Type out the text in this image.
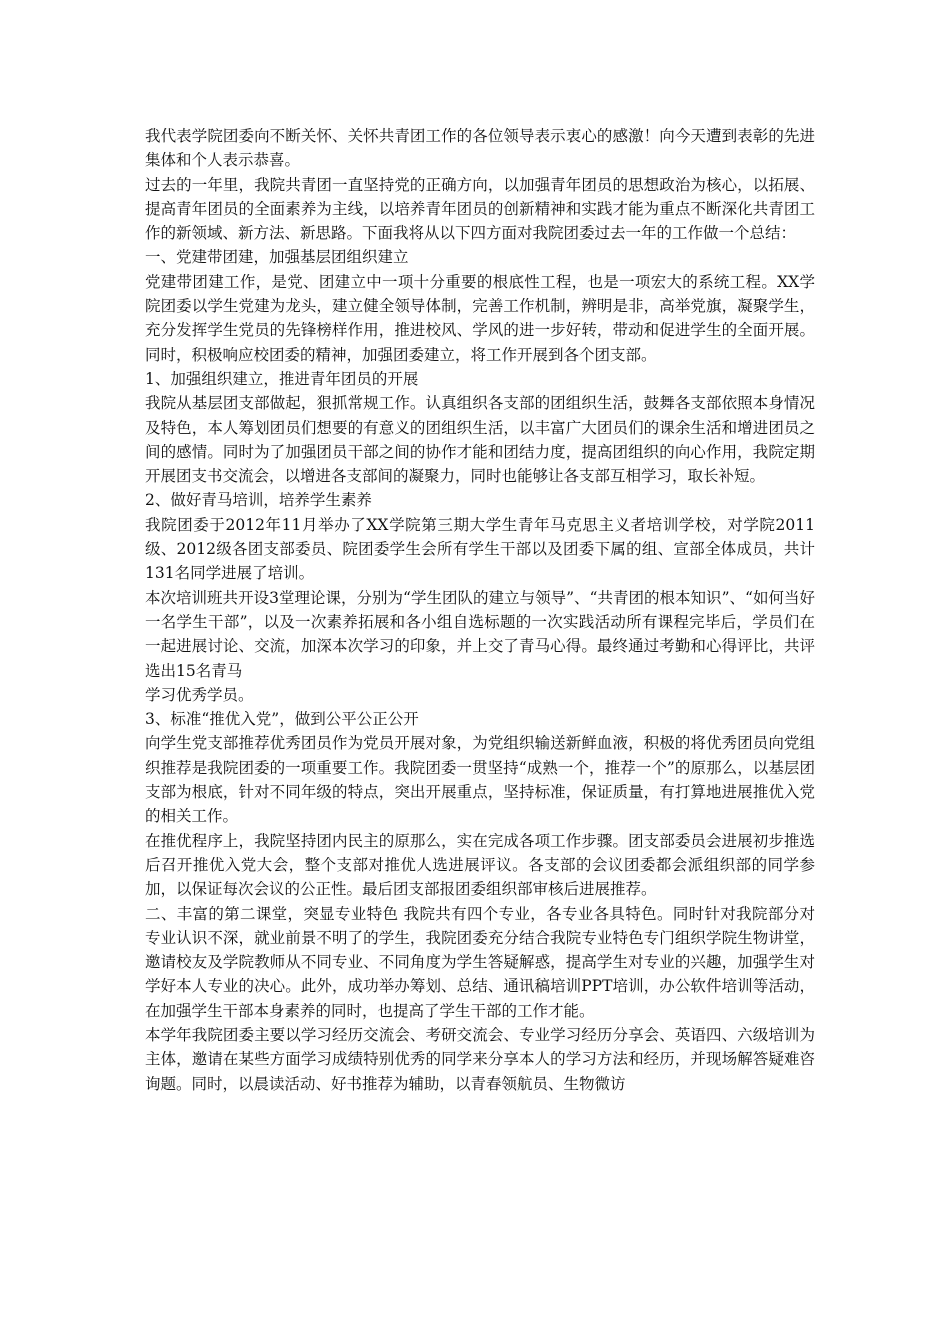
我代表学院团委向不断关怀、关怀共青团工作的各位领导表示衷心的感激！向今天遭到表彰的先进集体和个人表示恭喜。

过去的一年里，我院共青团一直坚持党的正确方向，以加强青年团员的思想政治为核心，以拓展、提高青年团员的全面素养为主线，以培养青年团员的创新精神和实践才能为重点不断深化共青团工作的新领域、新方法、新思路。下面我将从以下四方面对我院团委过去一年的工作做一个总结：

一、党建带团建，加强基层团组织建立

党建带团建工作，是党、团建立中一项十分重要的根底性工程，也是一项宏大的系统工程。XX学院团委以学生党建为龙头，建立健全领导体制，完善工作机制，辨明是非，高举党旗，凝聚学生，充分发挥学生党员的先锋榜样作用，推进校风、学风的进一步好转，带动和促进学生的全面开展。同时，积极响应校团委的精神，加强团委建立，将工作开展到各个团支部。

1、加强组织建立，推进青年团员的开展

我院从基层团支部做起，狠抓常规工作。认真组织各支部的团组织生活，鼓舞各支部依照本身情况及特色，本人筹划团员们想要的有意义的团组织生活，以丰富广大团员们的课余生活和增进团员之间的感情。同时为了加强团员干部之间的协作才能和团结力度，提高团组织的向心作用，我院定期开展团支书交流会，以增进各支部间的凝聚力，同时也能够让各支部互相学习，取长补短。

2、做好青马培训，培养学生素养

我院团委于2012年11月举办了XX学院第三期大学生青年马克思主义者培训学校，对学院2011级、2012级各团支部委员、院团委学生会所有学生干部以及团委下属的组、宣部全体成员，共计131名同学进展了培训。

本次培训班共开设3堂理论课，分别为“学生团队的建立与领导”、“共青团的根本知识”、“如何当好一名学生干部”，以及一次素养拓展和各小组自选标题的一次实践活动所有课程完毕后，学员们在一起进展讨论、交流，加深本次学习的印象，并上交了青马心得。最终通过考勤和心得评比，共评选出15名青马

学习优秀学员。

3、标准“推优入党”，做到公平公正公开

向学生党支部推荐优秀团员作为党员开展对象，为党组织输送新鲜血液，积极的将优秀团员向党组织推荐是我院团委的一项重要工作。我院团委一贯坚持“成熟一个，推荐一个”的原那么，以基层团支部为根底，针对不同年级的特点，突出开展重点，坚持标准，保证质量，有打算地进展推优入党的相关工作。

在推优程序上，我院坚持团内民主的原那么，实在完成各项工作步骤。团支部委员会进展初步推选后召开推优入党大会，整个支部对推优人选进展评议。各支部的会议团委都会派组织部的同学参加，以保证每次会议的公正性。最后团支部报团委组织部审核后进展推荐。

二、丰富的第二课堂，突显专业特色 我院共有四个专业，各专业各具特色。同时针对我院部分对专业认识不深，就业前景不明了的学生，我院团委充分结合我院专业特色专门组织学院生物讲堂，邀请校友及学院教师从不同专业、不同角度为学生答疑解惑，提高学生对专业的兴趣，加强学生对学好本人专业的决心。此外，成功举办筹划、总结、通讯稿培训PPT培训，办公软件培训等活动，在加强学生干部本身素养的同时，也提高了学生干部的工作才能。

本学年我院团委主要以学习经历交流会、考研交流会、专业学习经历分享会、英语四、六级培训为主体，邀请在某些方面学习成绩特别优秀的同学来分享本人的学习方法和经历，并现场解答疑难咨询题。同时，以晨读活动、好书推荐为辅助，以青春领航员、生物微访
